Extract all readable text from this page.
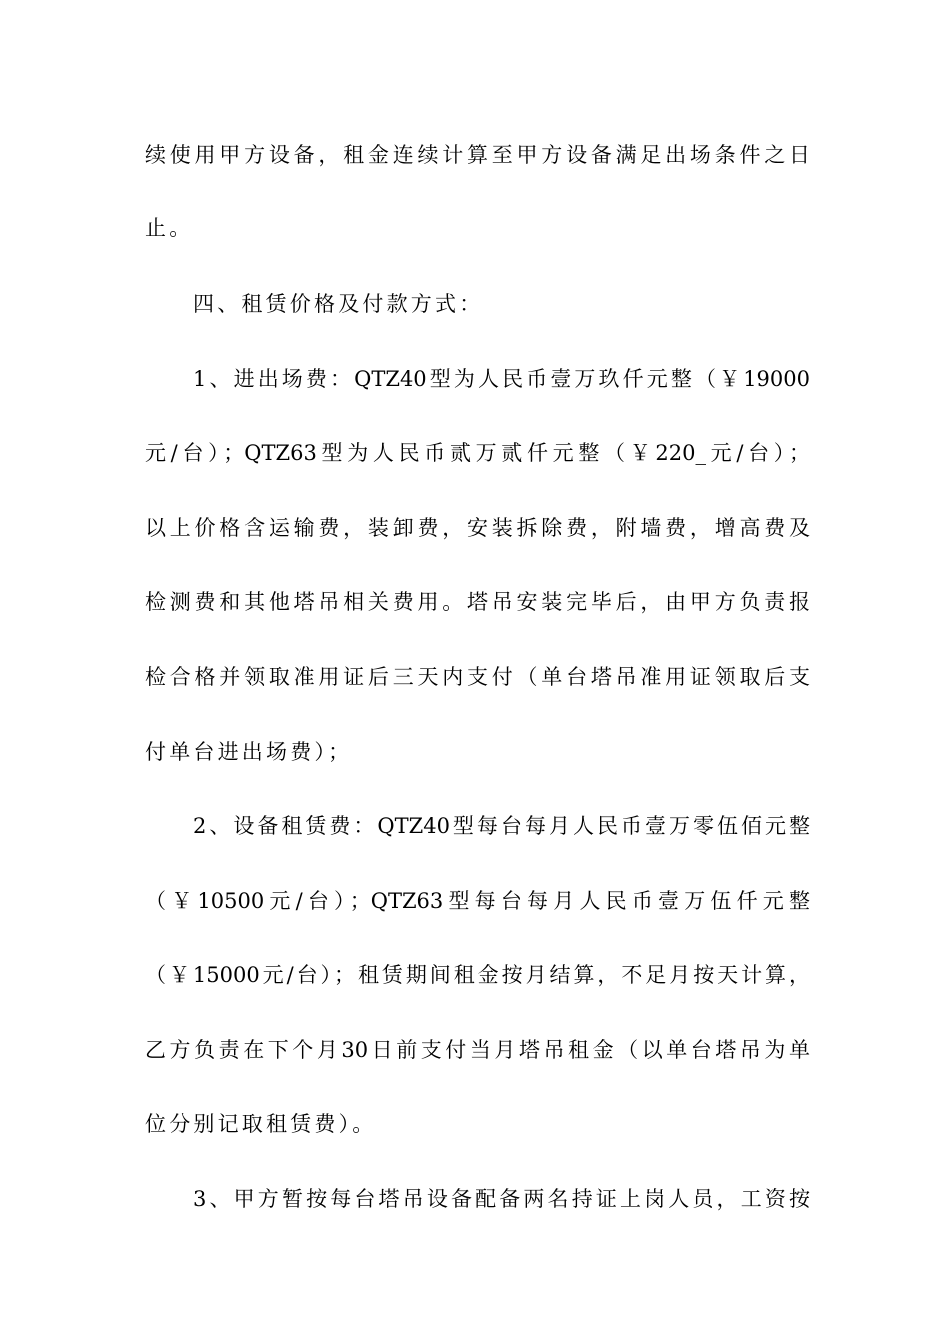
续使用甲方设备，租金连续计算至甲方设备满足出场条件之日
止。
四、租赁价格及付款方式：
1、进出场费：QTZ40型为人民币壹万玖仟元整（￥19000
元/台）；QTZ63型为人民币贰万贰仟元整（￥220_元/台）；
以上价格含运输费，装卸费，安装拆除费，附墙费，增高费及
检测费和其他塔吊相关费用。塔吊安装完毕后，由甲方负责报
检合格并领取准用证后三天内支付（单台塔吊准用证领取后支
付单台进出场费）；
2、设备租赁费：QTZ40型每台每月人民币壹万零伍佰元整
（￥10500元/台）；QTZ63型每台每月人民币壹万伍仟元整
（￥15000元/台）；租赁期间租金按月结算，不足月按天计算，
乙方负责在下个月30日前支付当月塔吊租金（以单台塔吊为单
位分别记取租赁费）。
3、甲方暂按每台塔吊设备配备两名持证上岗人员，工资按
